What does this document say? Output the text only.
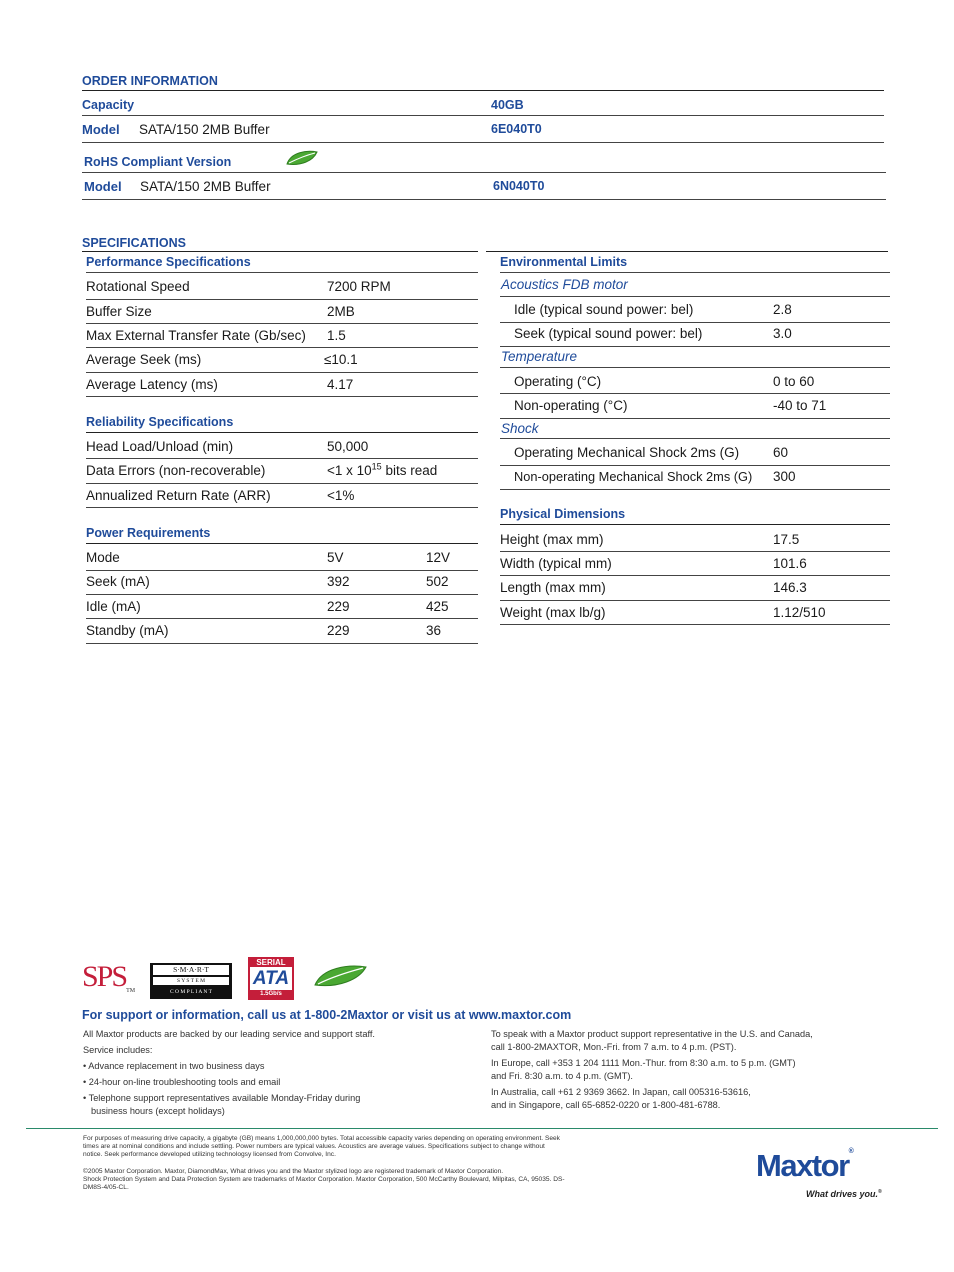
ORDER INFORMATION
Capacity	40GB
Model SATA/150 2MB Buffer	6E040T0
RoHS Compliant Version
Model SATA/150 2MB Buffer	6N040T0
SPECIFICATIONS
Performance Specifications
Rotational Speed	7200 RPM
Buffer Size	2MB
Max External Transfer Rate (Gb/sec) 1.5
Average Seek (ms)	≤10.1
Average Latency (ms)	4.17
Reliability Specifications
Head Load/Unload (min)	50,000
Data Errors (non-recoverable)	<1 x $10^{15}$ bits read
Annualized Return Rate (ARR)	<1%
Power Requirements
Mode	5V	12V
Seek (mA)	392	502
Idle (mA)	229	425
Standby (mA)	229	36
Environmental Limits
Acoustics FDB motor
Idle (typical sound power: bel)	2.8
Seek (typical sound power: bel)	3.0
Temperature
Operating (°C)	0 to 60
Non-operating (°C)	-40 to 71
Shock
Operating Mechanical Shock 2ms (G)	60
Non-operating Mechanical Shock 2ms (G) 300
Physical Dimensions
Height (max mm)	17.5
Width (typical mm)	101.6
Length (max mm)	146.3
Weight (max lb/g)	1.12/510
SPSTM
S·M·A·R·T
S Y S T E M
C O M P L I A N T
SERIAL
ATA
1.5Gb/s
For support or information, call us at 1-800-2Maxtor or visit us at www.maxtor.com
All Maxtor products are backed by our leading service and support staff.
Service includes:
• Advance replacement in two business days
• 24-hour on-line troubleshooting tools and email
• Telephone support representatives available Monday-Friday during
business hours (except holidays)
To speak with a Maxtor product support representative in the U.S. and Canada,
call 1-800-2MAXTOR, Mon.-Fri. from 7 a.m. to 4 p.m. (PST).
In Europe, call +353 1 204 1111 Mon.-Thur. from 8:30 a.m. to 5 p.m. (GMT)
and Fri. 8:30 a.m. to 4 p.m. (GMT).
In Australia, call +61 2 9369 3662. In Japan, call 005316-53616,
and in Singapore, call 65-6852-0220 or 1-800-481-6788.
For purposes of measuring drive capacity, a gigabyte (GB) means 1,000,000,000 bytes. Total accessible capacity varies depending on operating environment. Seek
times are at nominal conditions and include settling. Power numbers are typical values. Acoustics are average values. Specifications subject to change without
notice. Seek performance developed utilizing technologsy licensed from Convolve, Inc.
©2005 Maxtor Corporation. Maxtor, DiamondMax, What drives you and the Maxtor stylized logo are registered trademark of Maxtor Corporation.
Shock Protection System and Data Protection System are trademarks of Maxtor Corporation. Maxtor Corporation, 500 McCarthy Boulevard, Milpitas, CA, 95035. DS-
DM8S-4/05-CL.
Maxtor®
What drives you.®
